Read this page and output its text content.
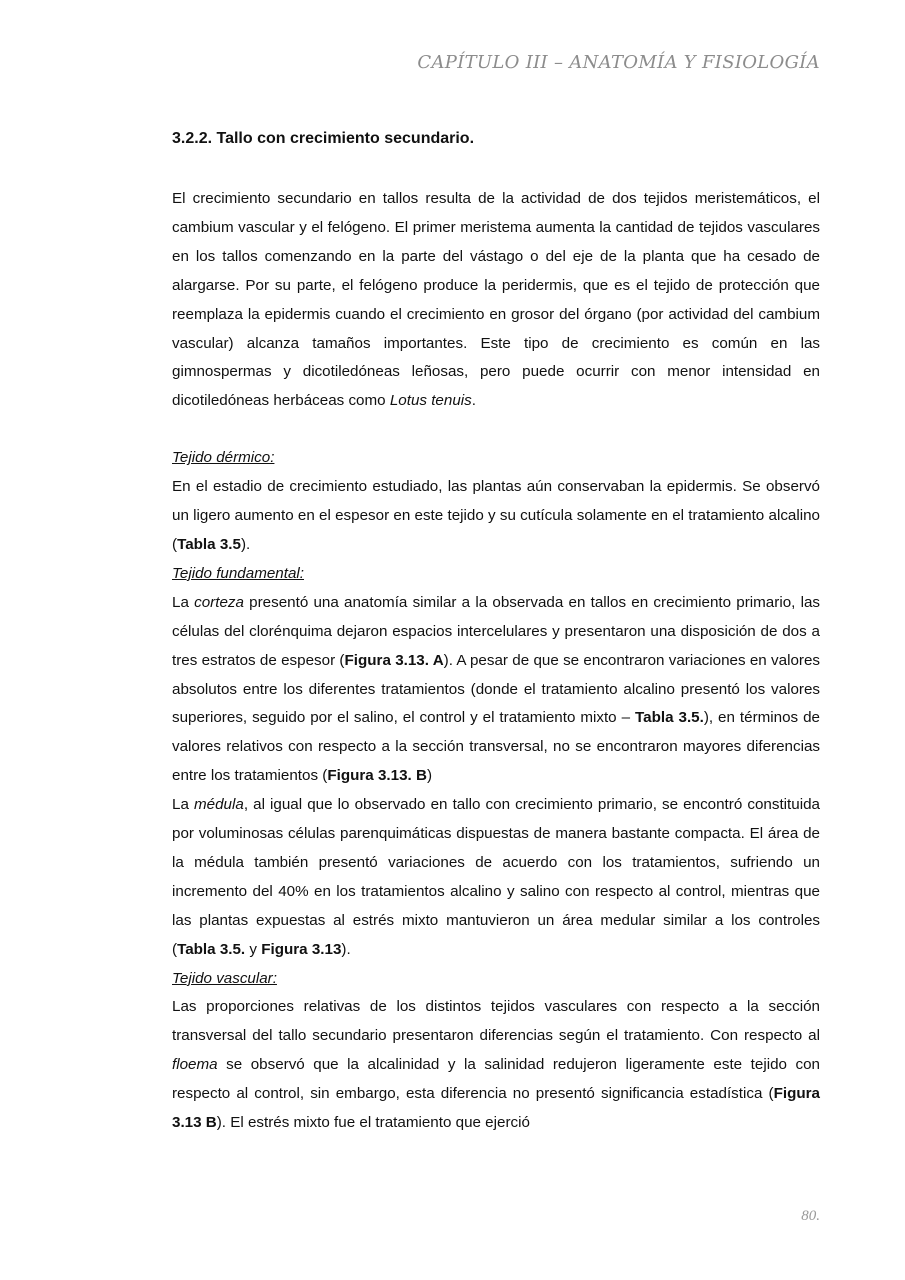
CAPÍTULO III – ANATOMÍA Y FISIOLOGÍA
3.2.2. Tallo con crecimiento secundario.

El crecimiento secundario en tallos resulta de la actividad de dos tejidos meristemáticos, el cambium vascular y el felógeno. El primer meristema aumenta la cantidad de tejidos vasculares en los tallos comenzando en la parte del vástago o del eje de la planta que ha cesado de alargarse. Por su parte, el felógeno produce la peridermis, que es el tejido de protección que reemplaza la epidermis cuando el crecimiento en grosor del órgano (por actividad del cambium vascular) alcanza tamaños importantes. Este tipo de crecimiento es común en las gimnospermas y dicotiledóneas leñosas, pero puede ocurrir con menor intensidad en dicotiledóneas herbáceas como Lotus tenuis.

Tejido dérmico:

En el estadio de crecimiento estudiado, las plantas aún conservaban la epidermis. Se observó un ligero aumento en el espesor en este tejido y su cutícula solamente en el tratamiento alcalino (Tabla 3.5).

Tejido fundamental:

La corteza presentó una anatomía similar a la observada en tallos en crecimiento primario, las células del clorénquima dejaron espacios intercelulares y presentaron una disposición de dos a tres estratos de espesor (Figura 3.13. A). A pesar de que se encontraron variaciones en valores absolutos entre los diferentes tratamientos (donde el tratamiento alcalino presentó los valores superiores, seguido por el salino, el control y el tratamiento mixto – Tabla 3.5.), en términos de valores relativos con respecto a la sección transversal, no se encontraron mayores diferencias entre los tratamientos (Figura 3.13. B)

La médula, al igual que lo observado en tallo con crecimiento primario, se encontró constituida por voluminosas células parenquimáticas dispuestas de manera bastante compacta. El área de la médula también presentó variaciones de acuerdo con los tratamientos, sufriendo un incremento del 40% en los tratamientos alcalino y salino con respecto al control, mientras que las plantas expuestas al estrés mixto mantuvieron un área medular similar a los controles (Tabla 3.5. y Figura 3.13).

Tejido vascular:

Las proporciones relativas de los distintos tejidos vasculares con respecto a la sección transversal del tallo secundario presentaron diferencias según el tratamiento. Con respecto al floema se observó que la alcalinidad y la salinidad redujeron ligeramente este tejido con respecto al control, sin embargo, esta diferencia no presentó significancia estadística (Figura 3.13 B). El estrés mixto fue el tratamiento que ejerció

80.
